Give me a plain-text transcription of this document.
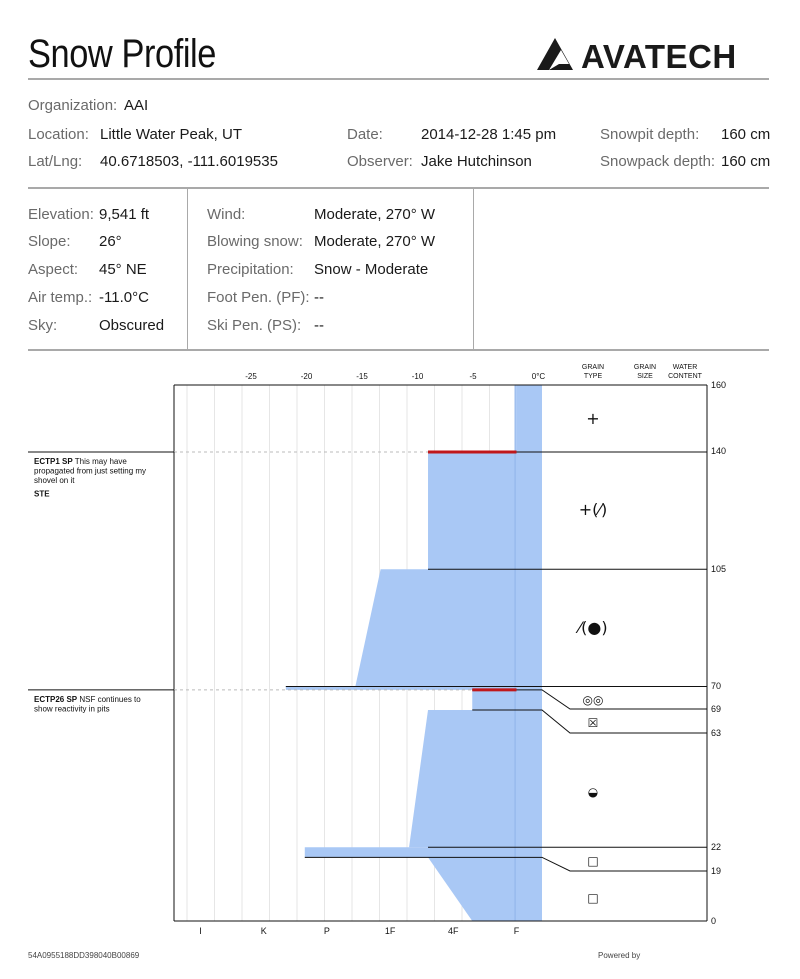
Snow Profile	AVATECH
Organization: AAI
Location: Little Water Peak, UT	Date:	2014-12-28 1:45 pm	Snowpit depth: 160 cm
Lat/Lng: 40.6718503, -111.6019535	Observer: Jake Hutchinson	Snowpack depth: 160 cm
Elevation: 9,541 ft
Slope: 26°
Aspect: 45° NE
Air temp.: -11.0°C
Sky:	Obscured
Wind:	Moderate, 270° W
Blowing snow: Moderate, 270° W
Precipitation: Snow - Moderate
Foot Pen. (PF): --
Ski Pen. (PS): --
-25	-20	-15	-10	-5	0°C
I	K	P	1F	4F	F
GRAIN
TYPE
GRAIN
SIZE
WATER
CONTENT
160
140
105
70
69
63
22
19
0
+
+(⁄)
⁄(●)
◎◎
☒
◒
□
□
ECTP1 SP This may have
propagated from just setting my
shovel on it
STE
ECTP26 SP NSF continues to
show reactivity in pits
54A0955188DD398040B00869	Powered by
